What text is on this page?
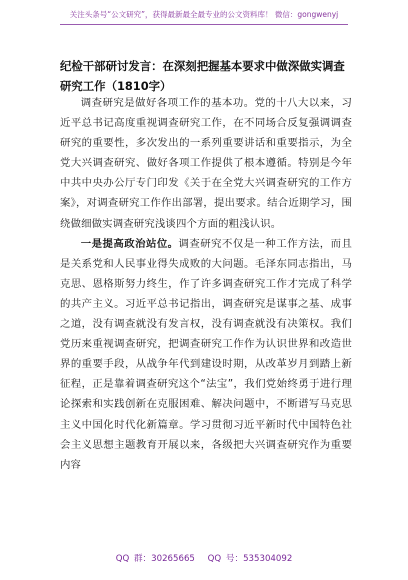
关注头条号“公文研究”，获得最新最全最专业的公文资料库！ 微信：gongwenyj
纪检干部研讨发言：在深刻把握基本要求中做深做实调查研究工作（1810字）

调查研究是做好各项工作的基本功。党的十八大以来，习近平总书记高度重视调查研究工作，在不同场合反复强调调查研究的重要性，多次发出的一系列重要讲话和重要指示，为全党大兴调查研究、做好各项工作提供了根本遵循。特别是今年中共中央办公厅专门印发《关于在全党大兴调查研究的工作方案》，对调查研究工作作出部署，提出要求。结合近期学习，围绕做细做实调查研究浅谈四个方面的粗浅认识。

一是提高政治站位。调查研究不仅是一种工作方法，而且是关系党和人民事业得失成败的大问题。毛泽东同志指出，马克思、恩格斯努力终生，作了许多调查研究工作才完成了科学的共产主义。习近平总书记指出，调查研究是谋事之基、成事之道，没有调查就没有发言权，没有调查就没有决策权。我们党历来重视调查研究，把调查研究工作作为认识世界和改造世界的重要手段，从战争年代到建设时期，从改革岁月到踏上新征程，正是靠着调查研究这个“法宝”，我们党始终勇于进行理论探索和实践创新在克服困难、解决问题中，不断谱写马克思主义中国化时代化新篇章。学习贯彻习近平新时代中国特色社会主义思想主题教育开展以来，各级把大兴调查研究作为重要内容

QQ 群：30265665 QQ 号：535304092
